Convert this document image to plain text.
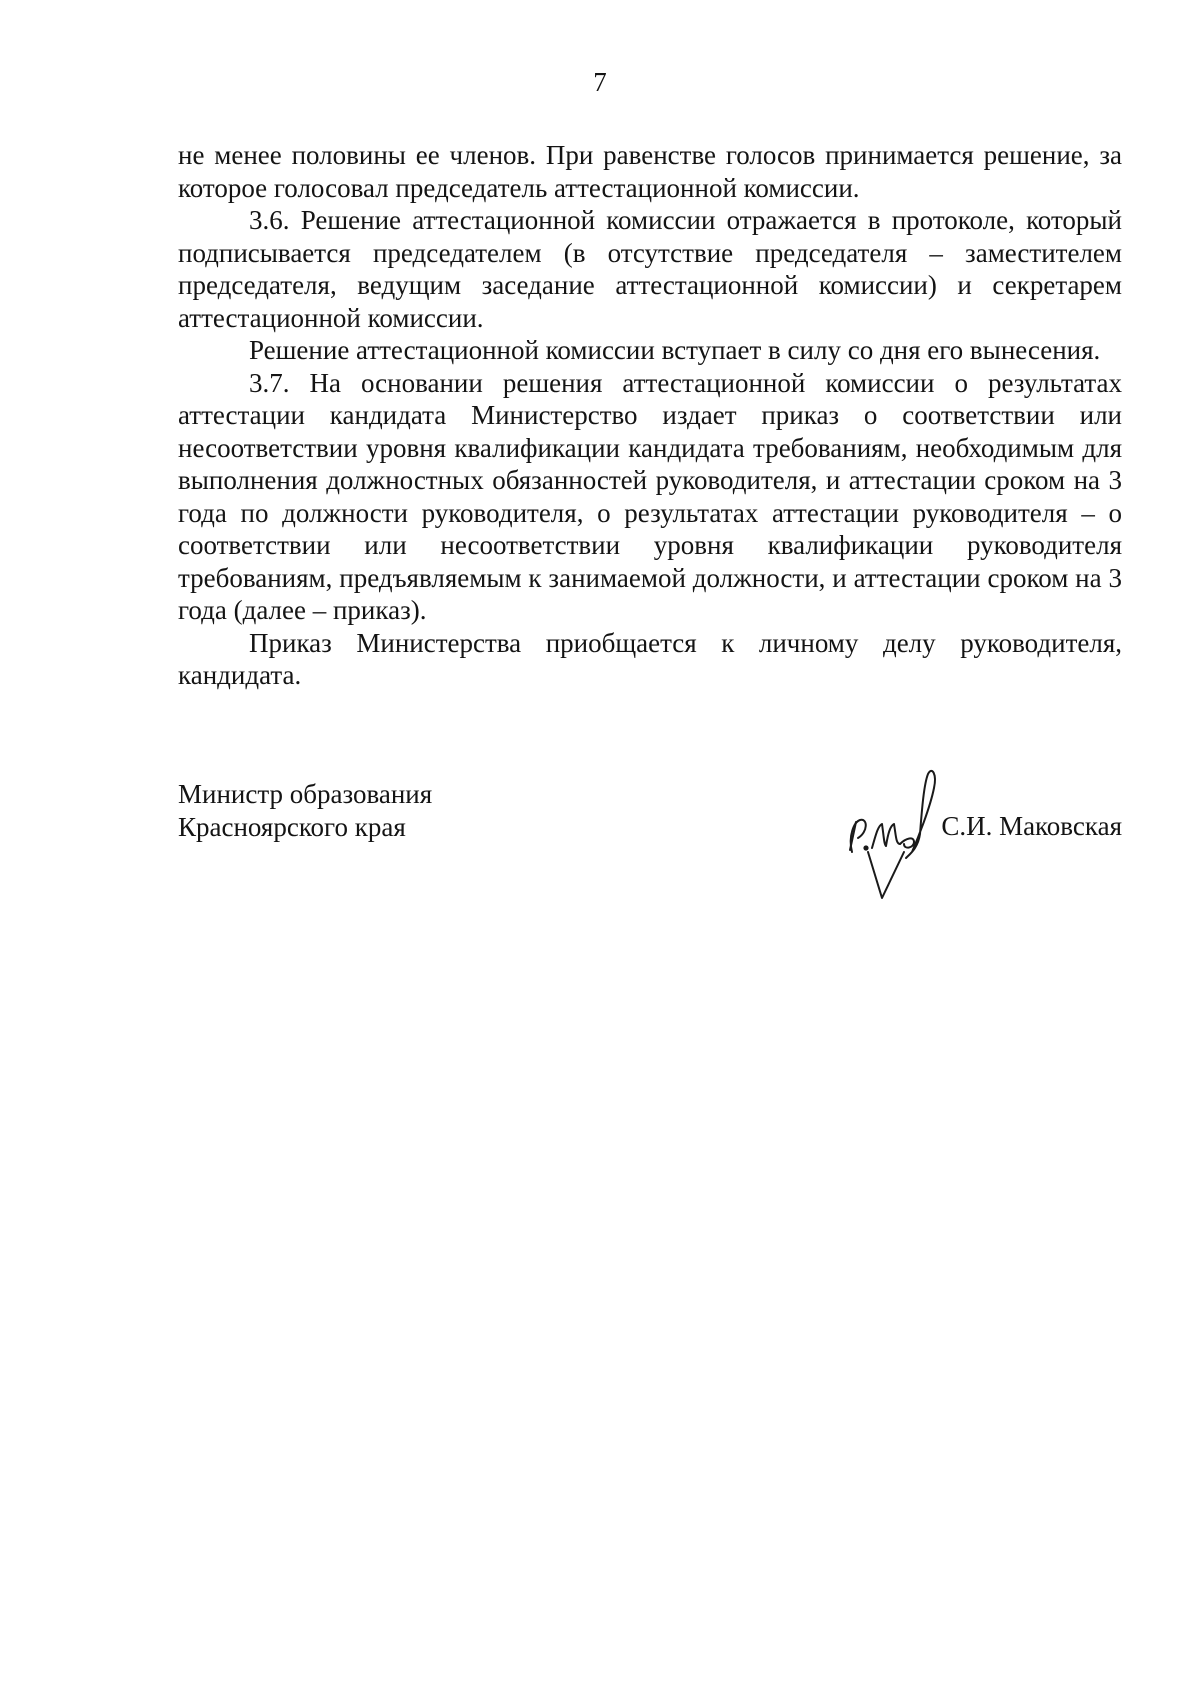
7

не менее половины ее членов. При равенстве голосов принимается решение, за которое голосовал председатель аттестационной комиссии.

3.6. Решение аттестационной комиссии отражается в протоколе, который подписывается председателем (в отсутствие председателя – заместителем председателя, ведущим заседание аттестационной комиссии) и секретарем аттестационной комиссии.

Решение аттестационной комиссии вступает в силу со дня его вынесения.

3.7. На основании решения аттестационной комиссии о результатах аттестации кандидата Министерство издает приказ о соответствии или несоответствии уровня квалификации кандидата требованиям, необходимым для выполнения должностных обязанностей руководителя, и аттестации сроком на 3 года по должности руководителя, о результатах аттестации руководителя – о соответствии или несоответствии уровня квалификации руководителя требованиям, предъявляемым к занимаемой должности, и аттестации сроком на 3 года (далее – приказ).

Приказ Министерства приобщается к личному делу руководителя, кандидата.

Министр образования
Красноярского края	С.И. Маковская
